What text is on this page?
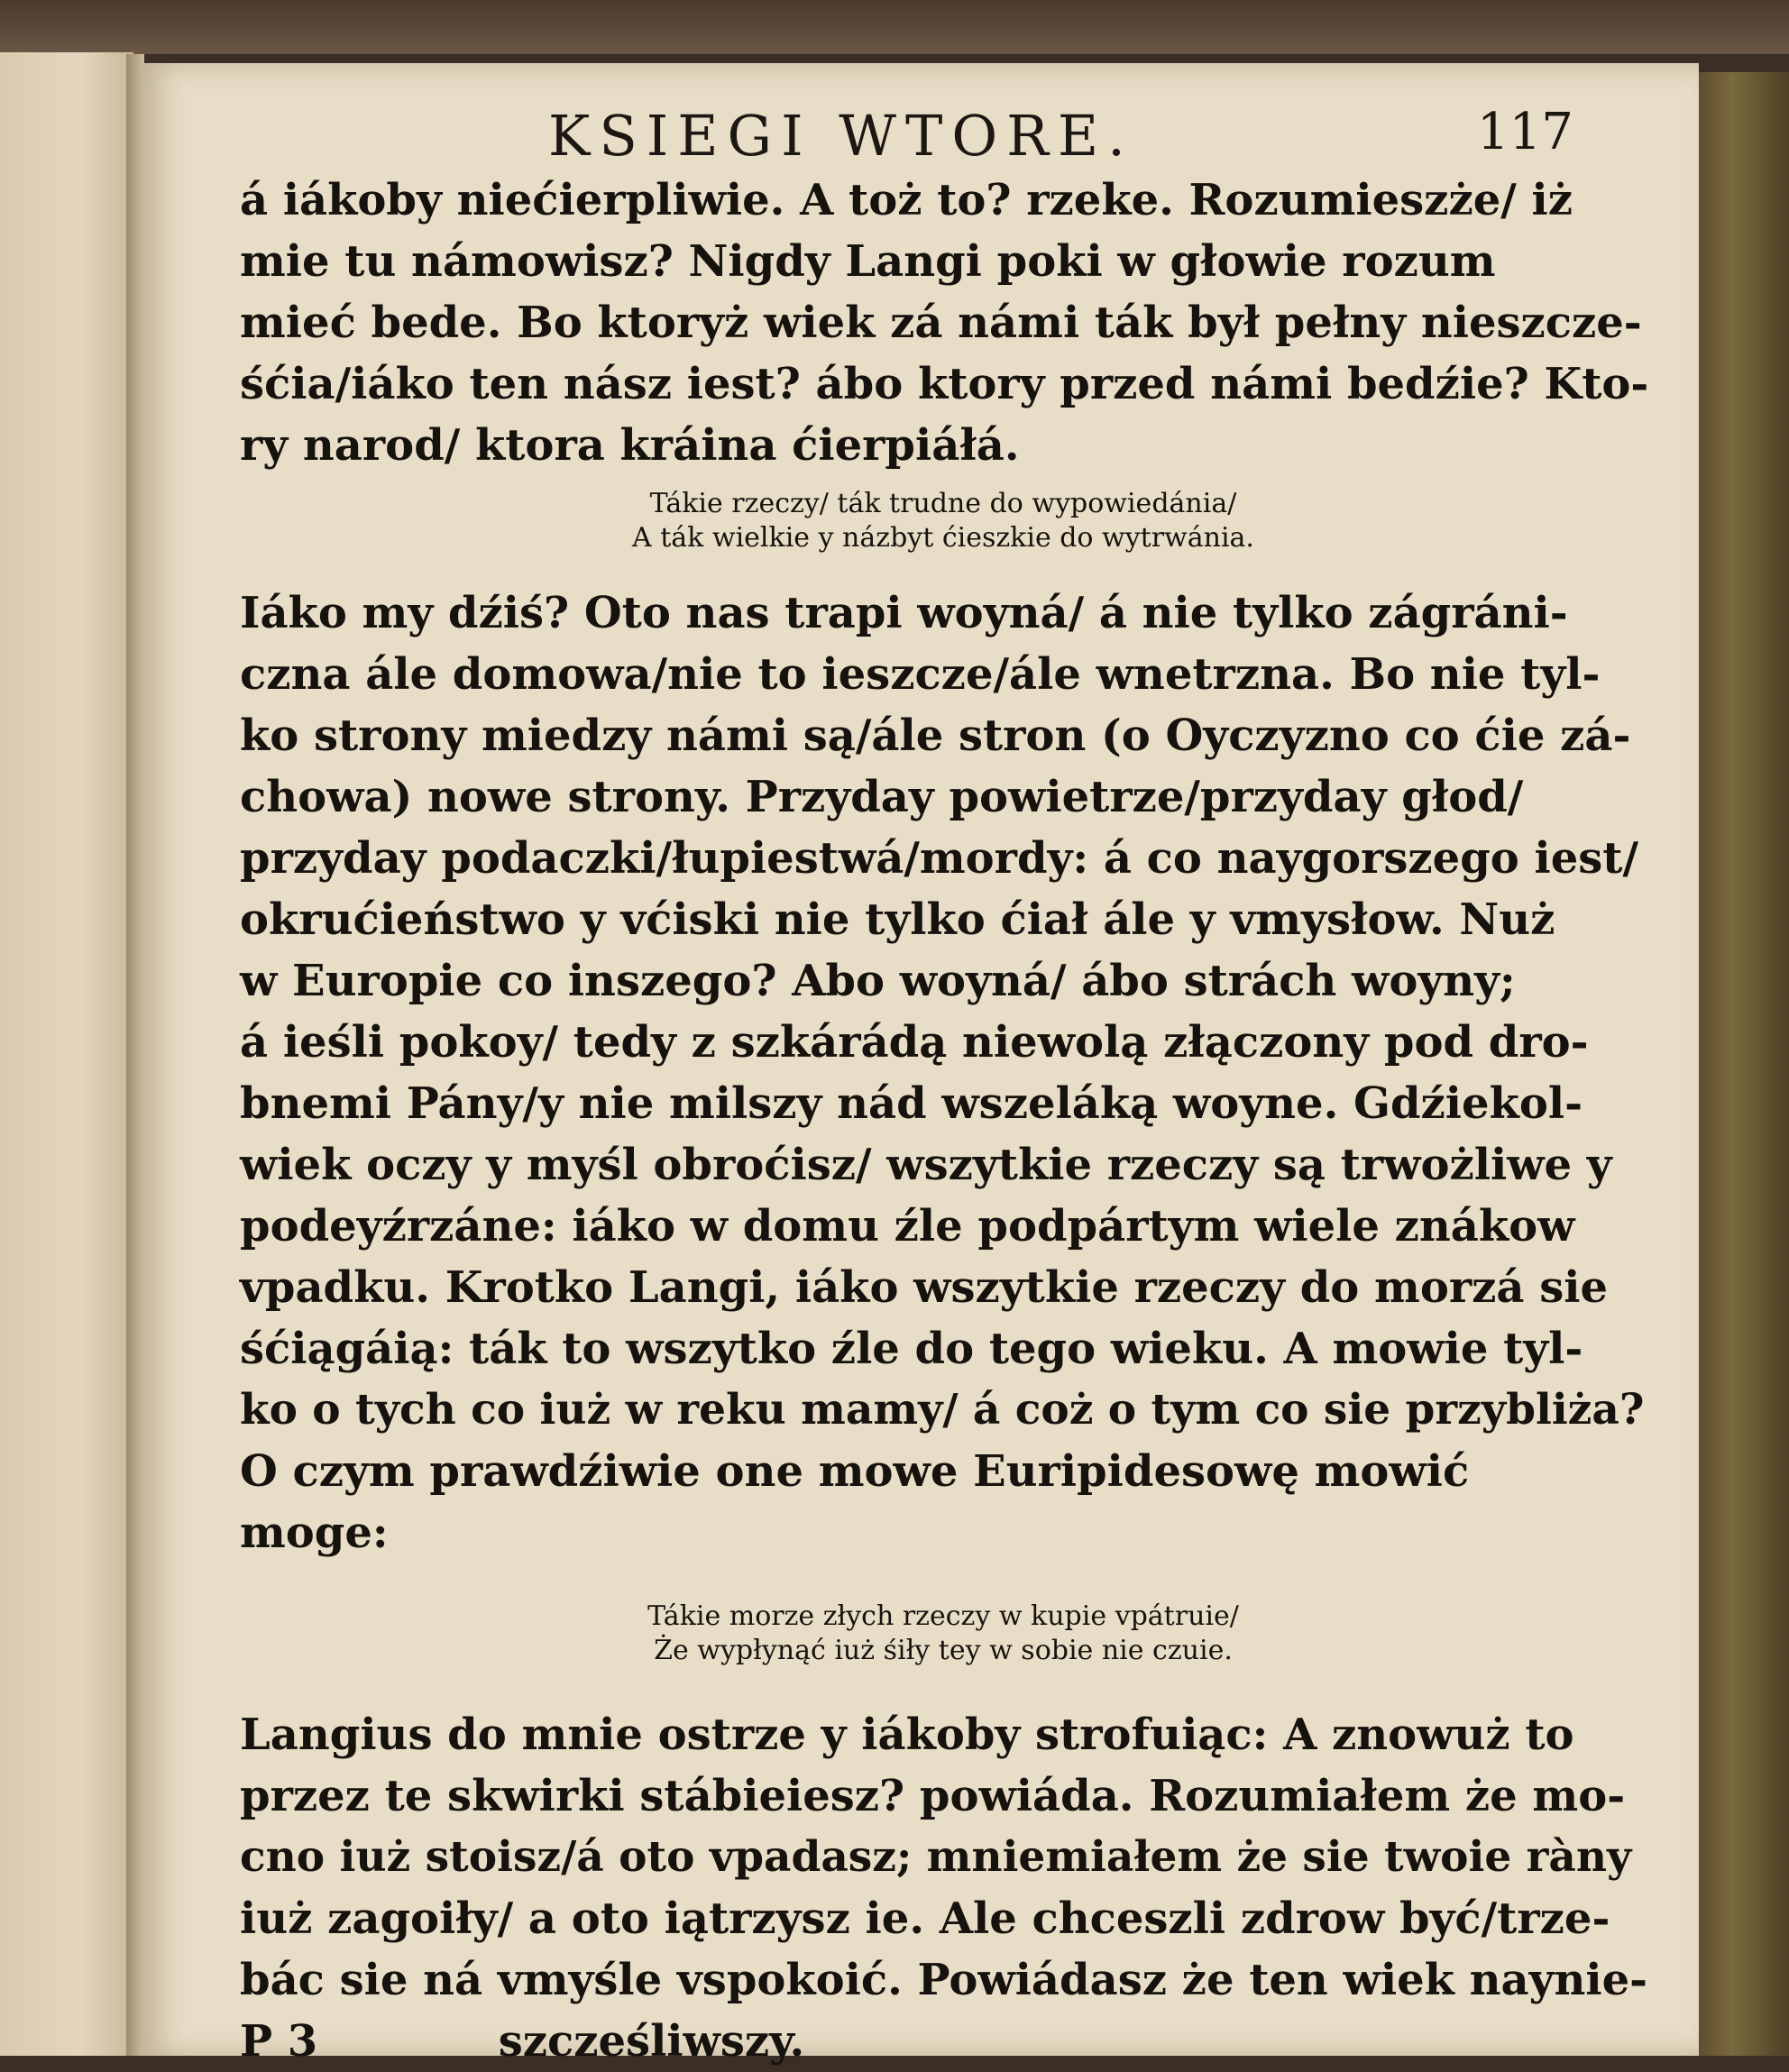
KSIEGI WTORE.	117
á iákoby niećierpliwie. A toż to? rzeke. Rozumieszże/ iż
mie tu námowisz? Nigdy Langi poki w głowie rozum
mieć bede. Bo ktoryż wiek zá námi ták był pełny nieszcze-
śćia/iáko ten nász iest? ábo ktory przed námi bedźie? Kto-
ry narod/ ktora kráina ćierpiáłá.
Tákie rzeczy/ ták trudne do wypowiedánia/
A ták wielkie y názbyt ćieszkie do wytrwánia.
Iáko my dźiś? Oto nas trapi woyná/ á nie tylko zágráni-
czna ále domowa/nie to ieszcze/ále wnetrzna. Bo nie tyl-
ko strony miedzy námi są/ále stron (o Oyczyzno co ćie zá-
chowa) nowe strony. Przyday powietrze/przyday głod/
przyday podaczki/łupiestwá/mordy: á co naygorszego iest/
okrućieństwo y vćiski nie tylko ćiał ále y vmysłow. Nuż
w Europie co inszego? Abo woyná/ ábo strách woyny;
á ieśli pokoy/ tedy z szkárádą niewolą złączony pod dro-
bnemi Pány/y nie milszy nád wszeláką woyne. Gdźiekol-
wiek oczy y myśl obroćisz/ wszytkie rzeczy są trwożliwe y
podeyźrzáne: iáko w domu źle podpártym wiele znákow
vpadku. Krotko Langi, iáko wszytkie rzeczy do morzá sie
śćiągáią: ták to wszytko źle do tego wieku. A mowie tyl-
ko o tych co iuż w reku mamy/ á coż o tym co sie przybliża?
O czym prawdźiwie one mowe Euripidesowę mowić
moge:
Tákie morze złych rzeczy w kupie vpátruie/
Że wypłynąć iuż śiły tey w sobie nie czuie.
Langius do mnie ostrze y iákoby strofuiąc: A znowuż to
przez te skwirki stábieiesz? powiáda. Rozumiałem że mo-
cno iuż stoisz/á oto vpadasz; mniemiałem że sie twoie ràny
iuż zagoiły/ a oto iątrzysz ie. Ale chceszli zdrow być/trze-
bác sie ná vmyśle vspokoić. Powiádasz że ten wiek naynie-
P 3            szcześliwszy.
